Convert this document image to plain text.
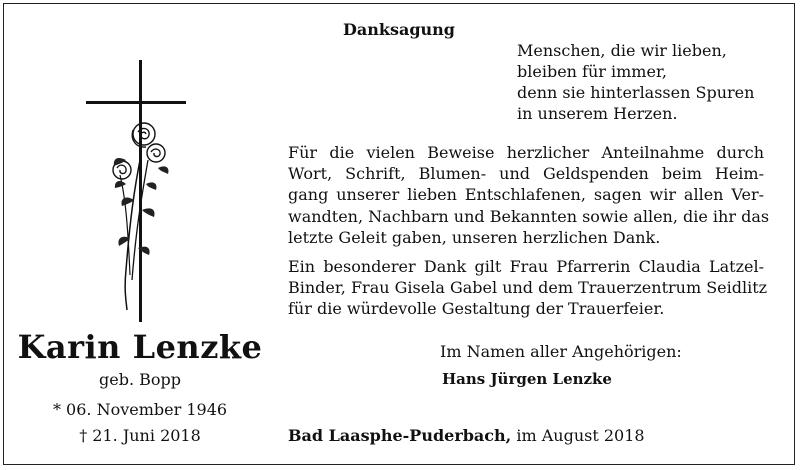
Danksagung
Menschen, die wir lieben,
bleiben für immer,
denn sie hinterlassen Spuren
in unserem Herzen.
Für die vielen Beweise herzlicher Anteilnahme durch
Wort, Schrift, Blumen- und Geldspenden beim Heim-
gang unserer lieben Entschlafenen, sagen wir allen Ver-
wandten, Nachbarn und Bekannten sowie allen, die ihr das
letzte Geleit gaben, unseren herzlichen Dank.
Ein besonderer Dank gilt Frau Pfarrerin Claudia Latzel-
Binder, Frau Gisela Gabel und dem Trauerzentrum Seidlitz
für die würdevolle Gestaltung der Trauerfeier.
Karin Lenzke
geb. Bopp
* 06. November 1946
† 21. Juni 2018
Im Namen aller Angehörigen:
Hans Jürgen Lenzke
Bad Laasphe-Puderbach, im August 2018
